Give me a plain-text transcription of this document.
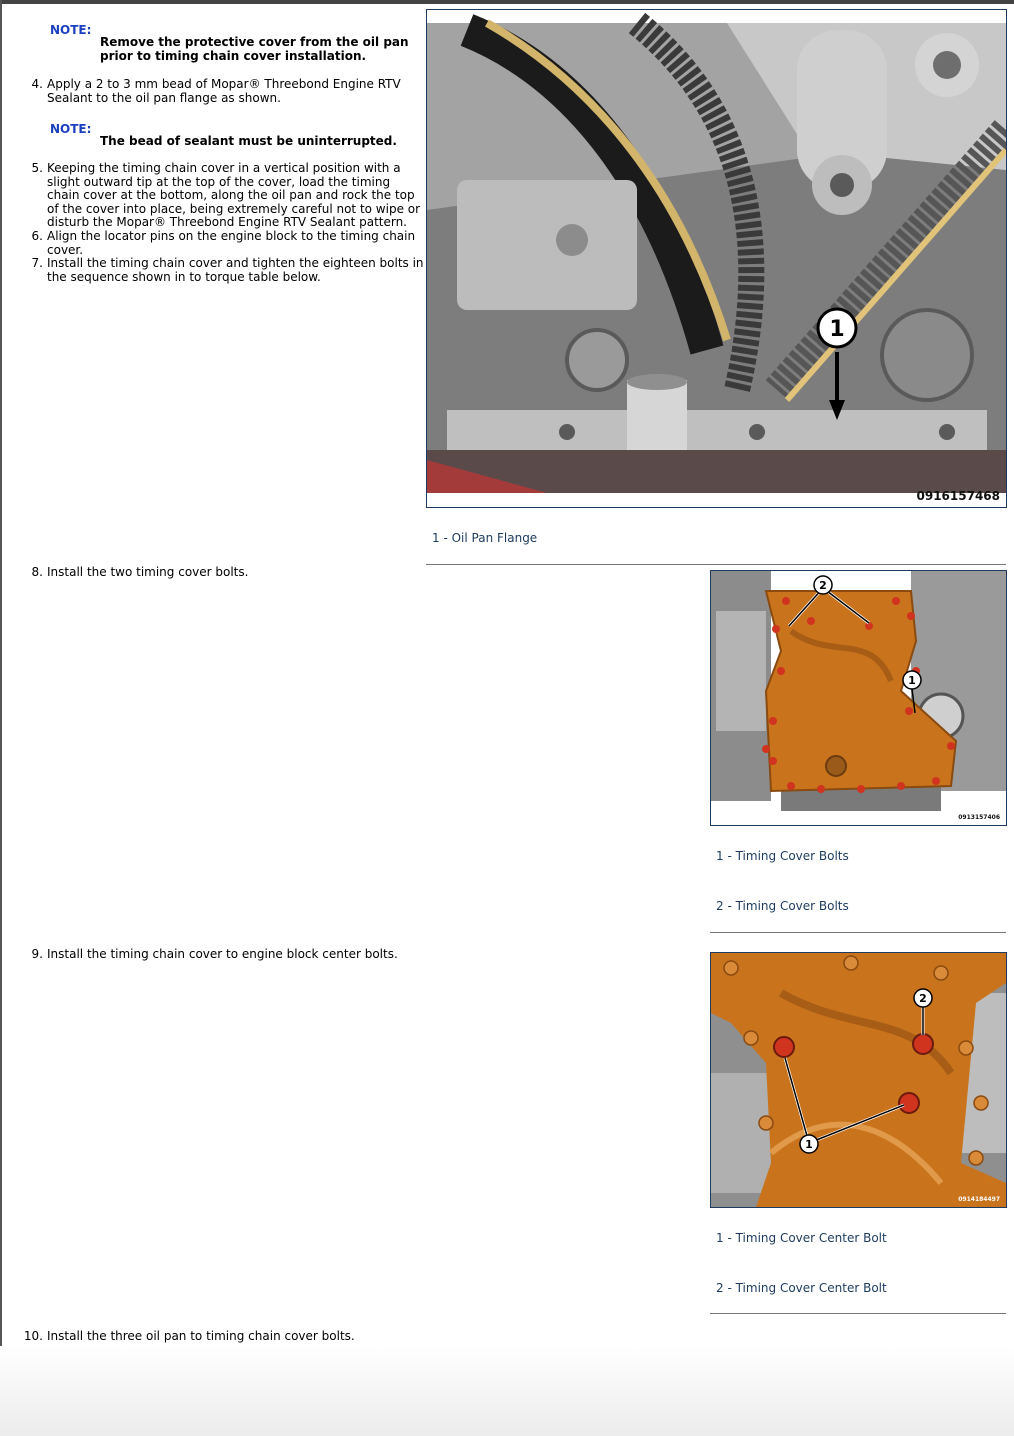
NOTE:
Remove the protective cover from the oil pan prior to timing chain cover installation.
4. Apply a 2 to 3 mm bead of Mopar® Threebond Engine RTV Sealant to the oil pan flange as shown.
NOTE:
The bead of sealant must be uninterrupted.
5. Keeping the timing chain cover in a vertical position with a slight outward tip at the top of the cover, load the timing chain cover at the bottom, along the oil pan and rock the top of the cover into place, being extremely careful not to wipe or disturb the Mopar® Threebond Engine RTV Sealant pattern.
6. Align the locator pins on the engine block to the timing chain cover.
7. Install the timing chain cover and tighten the eighteen bolts in the sequence shown in to torque table below.
1
0916157468
1 - Oil Pan Flange
8. Install the two timing cover bolts.
2
1
0913157406
1 - Timing Cover Bolts
2 - Timing Cover Bolts
9. Install the timing chain cover to engine block center bolts.
1
2
0914184497
1 - Timing Cover Center Bolt
2 - Timing Cover Center Bolt
10. Install the three oil pan to timing chain cover bolts.
